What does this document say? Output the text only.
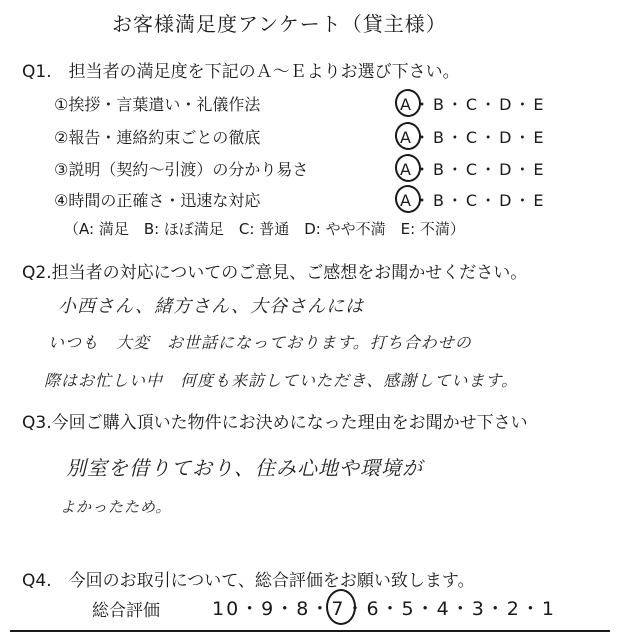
お客様満足度アンケート（貸主様）
Q1.　担当者の満足度を下記のＡ～Ｅよりお選び下さい。
①挨拶・言葉遣い・礼儀作法	A・B・C・D・E
②報告・連絡約束ごとの徹底	A・B・C・D・E
③説明（契約～引渡）の分かり易さ	A・B・C・D・E
④時間の正確さ・迅速な対応	A・B・C・D・E
（A: 満足　B: ほぼ満足　C: 普通　D: やや不満　E: 不満）
Q2.担当者の対応についてのご意見、ご感想をお聞かせください。
小西さん、緒方さん、大谷さんには
いつも　大変　お世話になっております。打ち合わせの
際はお忙しい中　何度も来訪していただき、感謝しています。
Q3.今回ご購入頂いた物件にお決めになった理由をお聞かせ下さい
別室を借りており、住み心地や環境が
よかったため。
Q4.　今回のお取引について、総合評価をお願い致します。
総合評価	10・9・8・7・6・5・4・3・2・1
